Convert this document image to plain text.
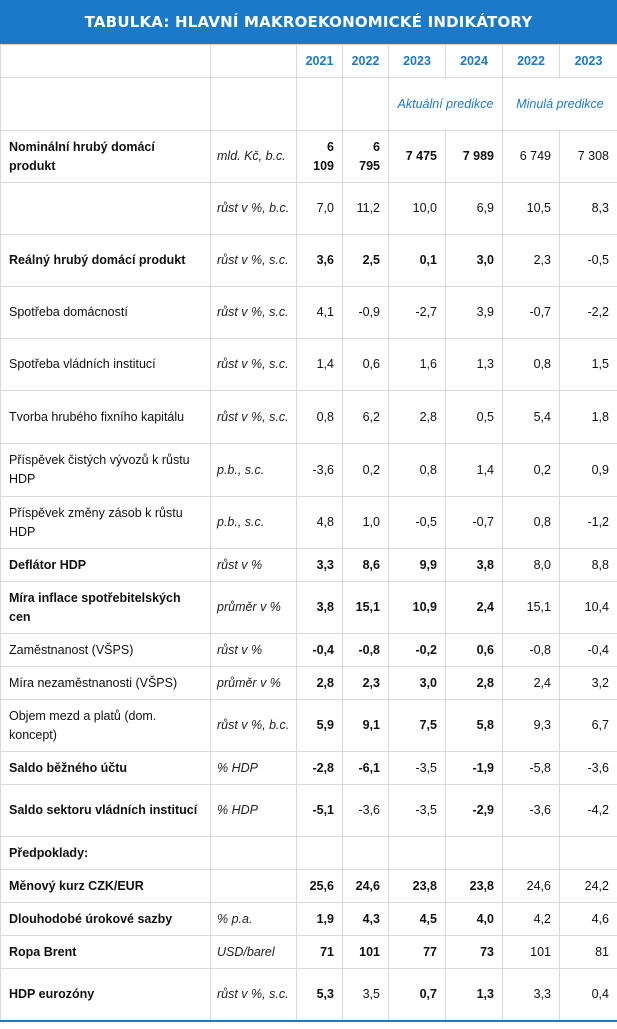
TABULKA: HLAVNÍ MAKROEKONOMICKÉ INDIKÁTORY
		2021	2022	2023	2024	2022	2023
				Aktuální predikce		Minulá predikce	
Nominální hrubý domácí produkt	mld. Kč, b.c.	6 109	6 795	7 475	7 989	6 749	7 308
	růst v %, b.c.	7,0	11,2	10,0	6,9	10,5	8,3
Reálný hrubý domácí produkt	růst v %, s.c.	3,6	2,5	0,1	3,0	2,3	-0,5
Spotřeba domácností	růst v %, s.c.	4,1	-0,9	-2,7	3,9	-0,7	-2,2
Spotřeba vládních institucí	růst v %, s.c.	1,4	0,6	1,6	1,3	0,8	1,5
Tvorba hrubého fixního kapitálu	růst v %, s.c.	0,8	6,2	2,8	0,5	5,4	1,8
Příspěvek čistých vývozů k růstu HDP	p.b., s.c.	-3,6	0,2	0,8	1,4	0,2	0,9
Příspěvek změny zásob k růstu HDP	p.b., s.c.	4,8	1,0	-0,5	-0,7	0,8	-1,2
Deflátor HDP	růst v %	3,3	8,6	9,9	3,8	8,0	8,8
Míra inflace spotřebitelských cen	průměr v %	3,8	15,1	10,9	2,4	15,1	10,4
Zaměstnanost (VŠPS)	růst v %	-0,4	-0,8	-0,2	0,6	-0,8	-0,4
Míra nezaměstnanosti (VŠPS)	průměr v %	2,8	2,3	3,0	2,8	2,4	3,2
Objem mezd a platů (dom. koncept)	růst v %, b.c.	5,9	9,1	7,5	5,8	9,3	6,7
Saldo běžného účtu	% HDP	-2,8	-6,1	-3,5	-1,9	-5,8	-3,6
Saldo sektoru vládních institucí	% HDP	-5,1	-3,6	-3,5	-2,9	-3,6	-4,2
Předpoklady:							
Měnový kurz CZK/EUR		25,6	24,6	23,8	23,8	24,6	24,2
Dlouhodobé úrokové sazby	% p.a.	1,9	4,3	4,5	4,0	4,2	4,6
Ropa Brent	USD/barel	71	101	77	73	101	81
HDP eurozóny	růst v %, s.c.	5,3	3,5	0,7	1,3	3,3	0,4
